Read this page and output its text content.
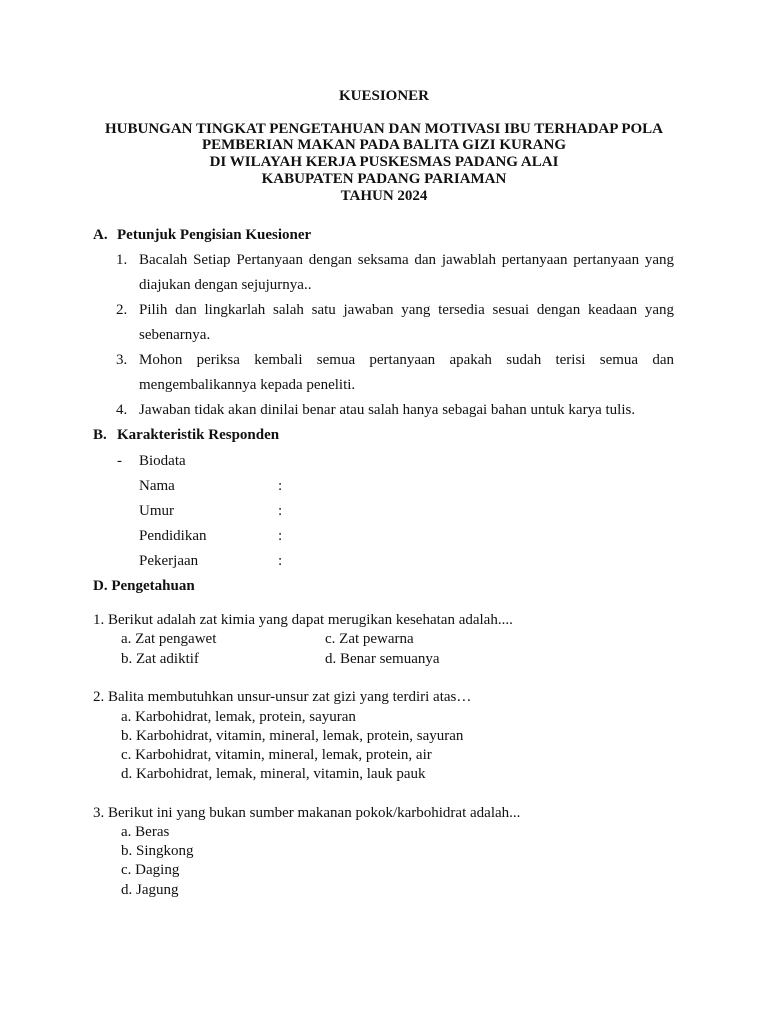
KUESIONER
HUBUNGAN TINGKAT PENGETAHUAN DAN MOTIVASI IBU TERHADAP POLA
PEMBERIAN MAKAN PADA BALITA GIZI KURANG
DI WILAYAH KERJA PUSKESMAS PADANG ALAI
KABUPATEN PADANG PARIAMAN
TAHUN 2024
A. Petunjuk Pengisian Kuesioner
1. Bacalah Setiap Pertanyaan dengan seksama dan jawablah pertanyaan pertanyaan yang
diajukan dengan sejujurnya..
2. Pilih dan lingkarlah salah satu jawaban yang tersedia sesuai dengan keadaan yang
sebenarnya.
3. Mohon periksa kembali semua pertanyaan apakah sudah terisi semua dan
mengembalikannya kepada peneliti.
4. Jawaban tidak akan dinilai benar atau salah hanya sebagai bahan untuk karya tulis.
B. Karakteristik Responden
- Biodata
Nama	:
Umur	:
Pendidikan	:
Pekerjaan	:
D. Pengetahuan
1. Berikut adalah zat kimia yang dapat merugikan kesehatan adalah....
a. Zat pengawet	c. Zat pewarna
b. Zat adiktif	d. Benar semuanya
2. Balita membutuhkan unsur-unsur zat gizi yang terdiri atas…
a. Karbohidrat, lemak, protein, sayuran
b. Karbohidrat, vitamin, mineral, lemak, protein, sayuran
c. Karbohidrat, vitamin, mineral, lemak, protein, air
d. Karbohidrat, lemak, mineral, vitamin, lauk pauk
3. Berikut ini yang bukan sumber makanan pokok/karbohidrat adalah...
a. Beras
b. Singkong
c. Daging
d. Jagung
